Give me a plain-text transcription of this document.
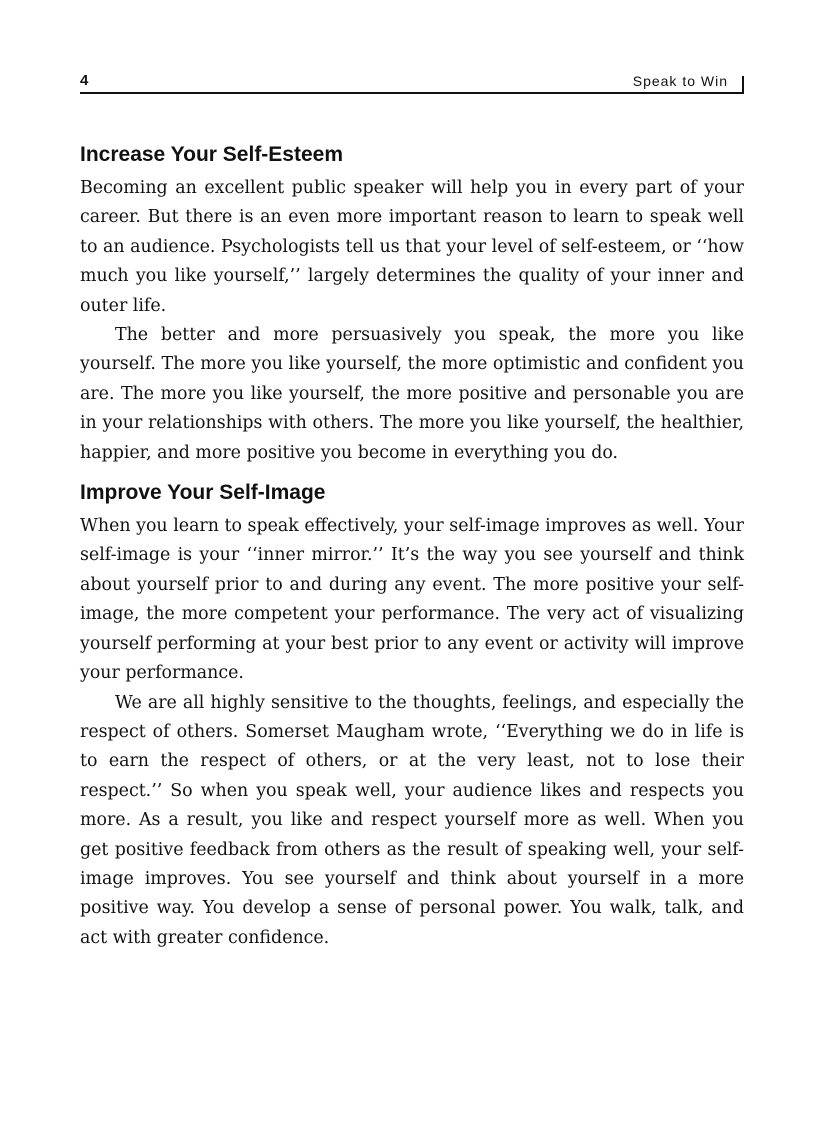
4	Speak to Win
Increase Your Self-Esteem

Becoming an excellent public speaker will help you in every part of your career. But there is an even more important reason to learn to speak well to an audience. Psychologists tell us that your level of self-esteem, or ‘‘how much you like yourself,’’ largely determines the quality of your inner and outer life.

The better and more persuasively you speak, the more you like yourself. The more you like yourself, the more optimistic and confident you are. The more you like yourself, the more positive and personable you are in your relationships with others. The more you like yourself, the healthier, happier, and more positive you become in everything you do.

Improve Your Self-Image

When you learn to speak effectively, your self-image improves as well. Your self-image is your ‘‘inner mirror.’’ It’s the way you see yourself and think about yourself prior to and during any event. The more positive your self-image, the more competent your performance. The very act of visualizing yourself performing at your best prior to any event or activity will improve your performance.

We are all highly sensitive to the thoughts, feelings, and especially the respect of others. Somerset Maugham wrote, ‘‘Everything we do in life is to earn the respect of others, or at the very least, not to lose their respect.’’ So when you speak well, your audience likes and respects you more. As a result, you like and respect yourself more as well. When you get positive feedback from others as the result of speaking well, your self-image improves. You see yourself and think about yourself in a more positive way. You develop a sense of personal power. You walk, talk, and act with greater confidence.
